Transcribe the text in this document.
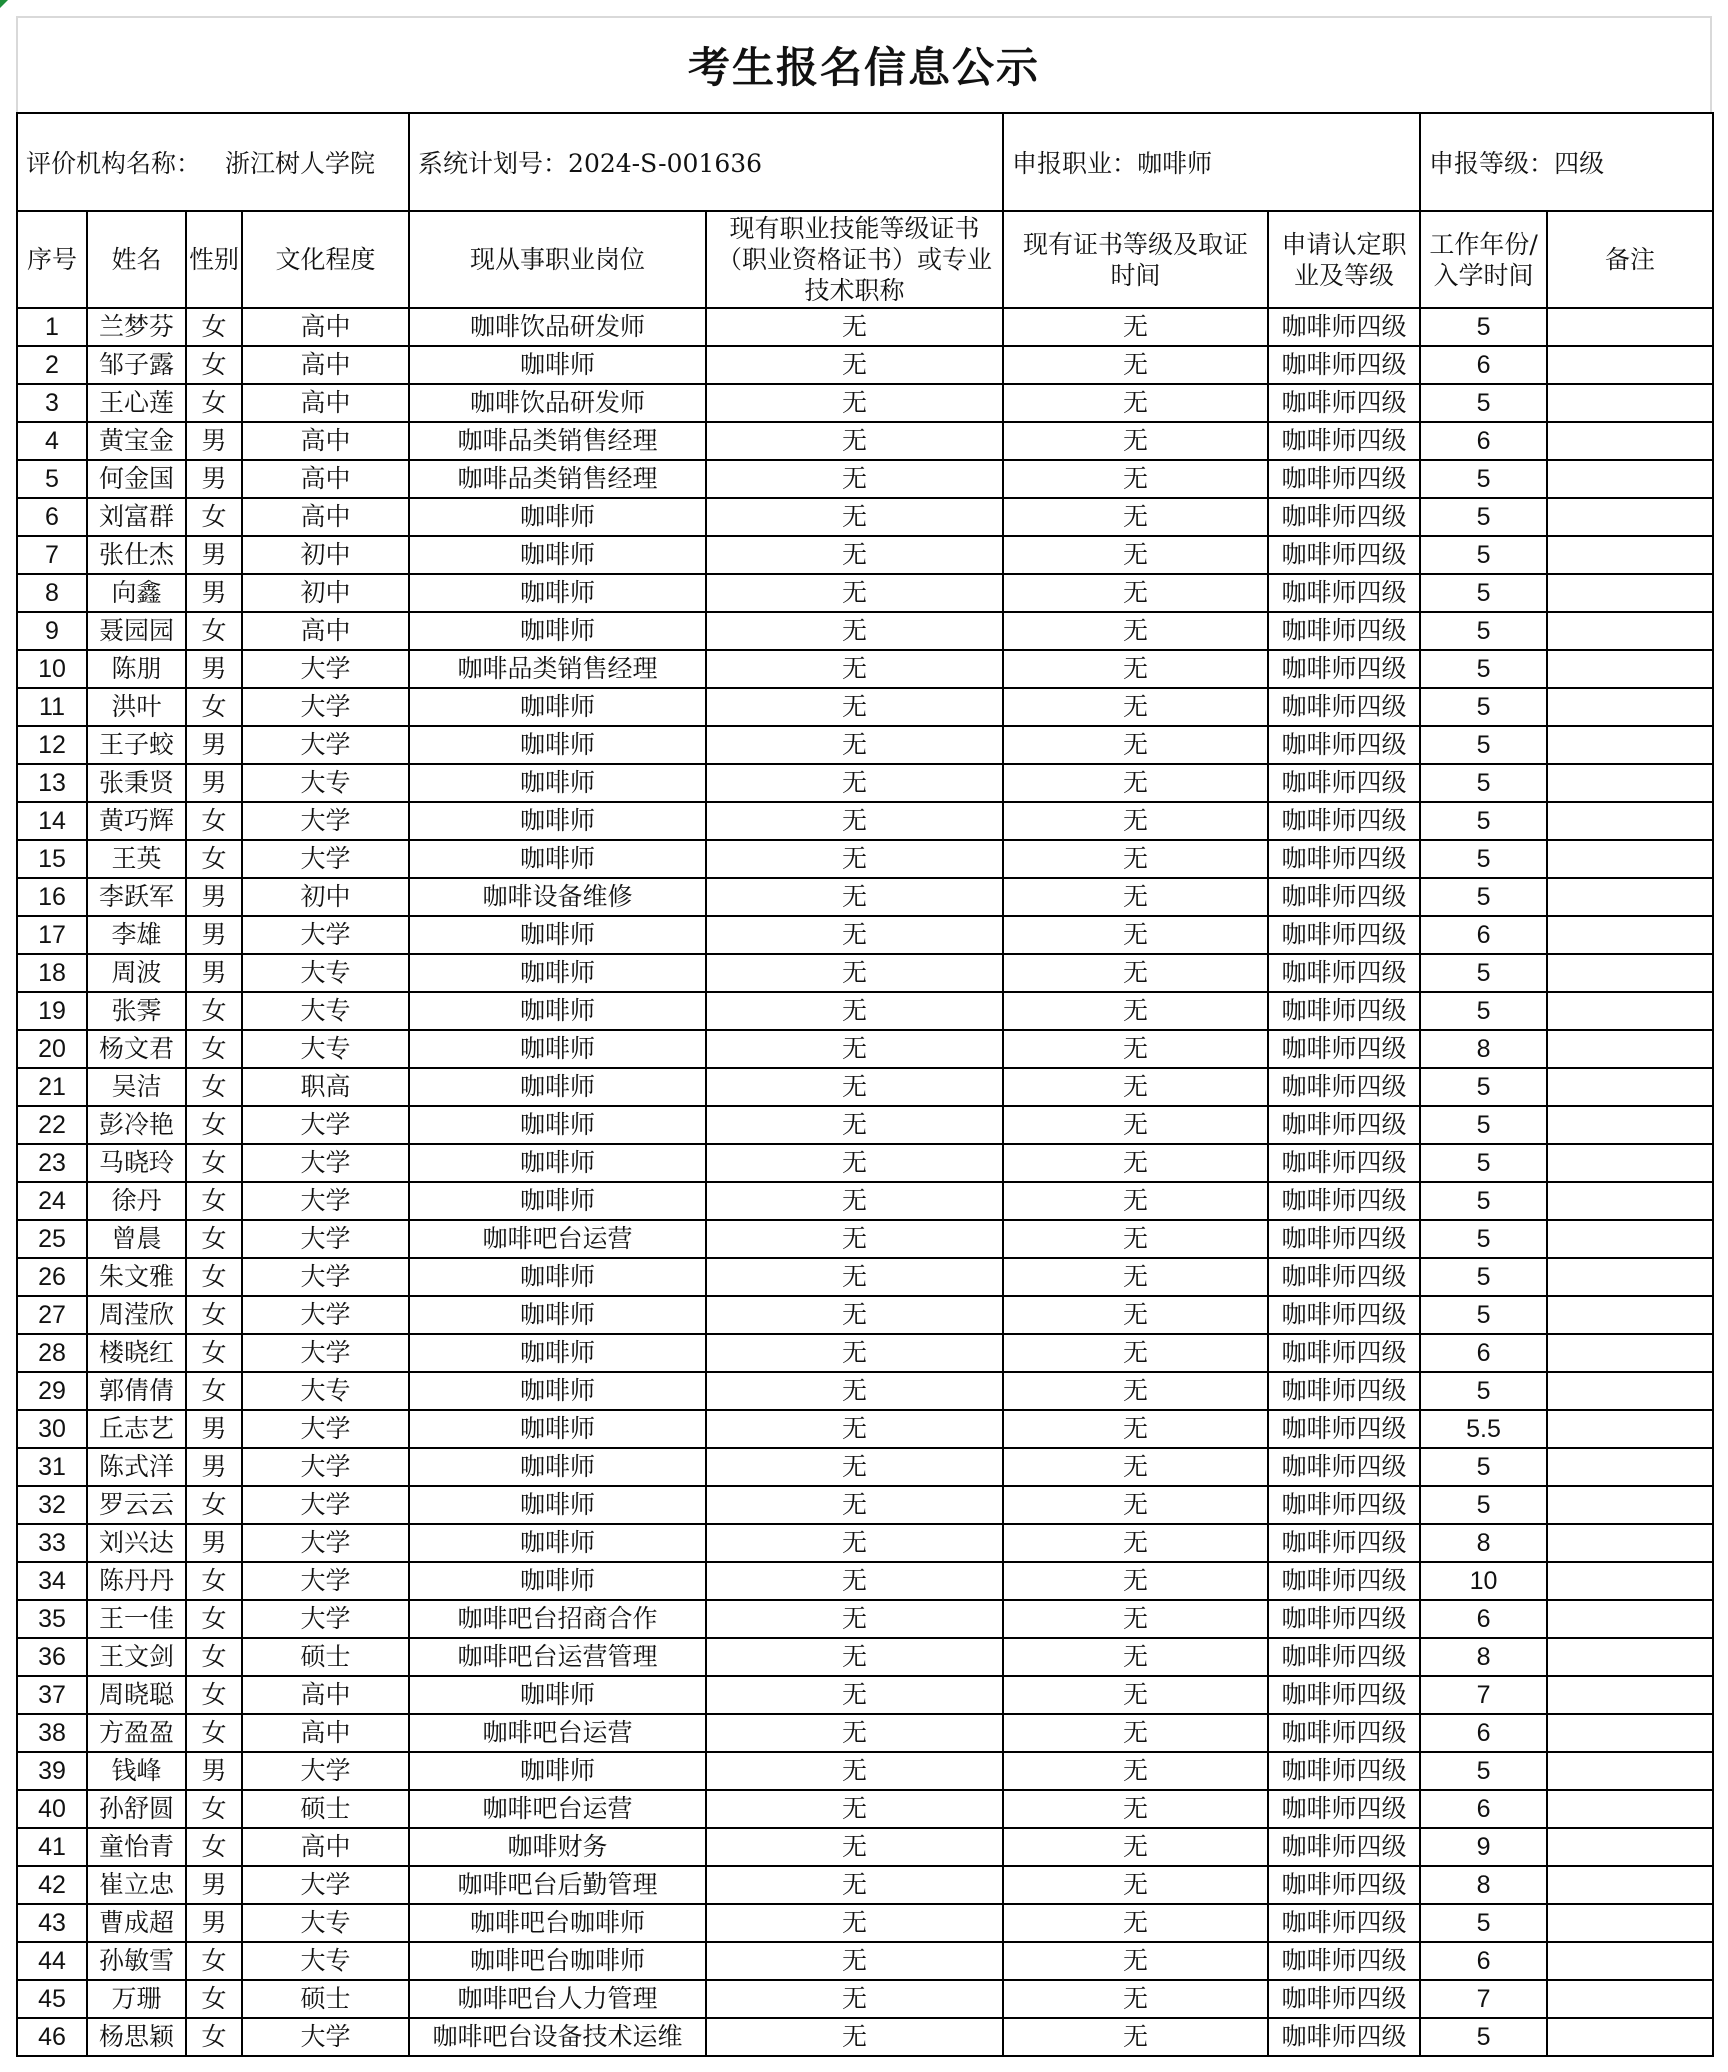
考生报名信息公示
评价机构名称： 浙江树人学院				系统计划号：2024-S-001636		申报职业：咖啡师		申报等级：四级	
序号	姓名	性别	文化程度	现从事职业岗位	现有职业技能等级证书（职业资格证书）或专业技术职称	现有证书等级及取证时间	申请认定职业及等级	工作年份/入学时间	备注
1	兰梦芬	女	高中	咖啡饮品研发师	无	无	咖啡师四级	5	
2	邹子露	女	高中	咖啡师	无	无	咖啡师四级	6	
3	王心莲	女	高中	咖啡饮品研发师	无	无	咖啡师四级	5	
4	黄宝金	男	高中	咖啡品类销售经理	无	无	咖啡师四级	6	
5	何金国	男	高中	咖啡品类销售经理	无	无	咖啡师四级	5	
6	刘富群	女	高中	咖啡师	无	无	咖啡师四级	5	
7	张仕杰	男	初中	咖啡师	无	无	咖啡师四级	5	
8	向鑫	男	初中	咖啡师	无	无	咖啡师四级	5	
9	聂园园	女	高中	咖啡师	无	无	咖啡师四级	5	
10	陈朋	男	大学	咖啡品类销售经理	无	无	咖啡师四级	5	
11	洪叶	女	大学	咖啡师	无	无	咖啡师四级	5	
12	王子蛟	男	大学	咖啡师	无	无	咖啡师四级	5	
13	张秉贤	男	大专	咖啡师	无	无	咖啡师四级	5	
14	黄巧辉	女	大学	咖啡师	无	无	咖啡师四级	5	
15	王英	女	大学	咖啡师	无	无	咖啡师四级	5	
16	李跃军	男	初中	咖啡设备维修	无	无	咖啡师四级	5	
17	李雄	男	大学	咖啡师	无	无	咖啡师四级	6	
18	周波	男	大专	咖啡师	无	无	咖啡师四级	5	
19	张霁	女	大专	咖啡师	无	无	咖啡师四级	5	
20	杨文君	女	大专	咖啡师	无	无	咖啡师四级	8	
21	吴洁	女	职高	咖啡师	无	无	咖啡师四级	5	
22	彭冷艳	女	大学	咖啡师	无	无	咖啡师四级	5	
23	马晓玲	女	大学	咖啡师	无	无	咖啡师四级	5	
24	徐丹	女	大学	咖啡师	无	无	咖啡师四级	5	
25	曾晨	女	大学	咖啡吧台运营	无	无	咖啡师四级	5	
26	朱文雅	女	大学	咖啡师	无	无	咖啡师四级	5	
27	周滢欣	女	大学	咖啡师	无	无	咖啡师四级	5	
28	楼晓红	女	大学	咖啡师	无	无	咖啡师四级	6	
29	郭倩倩	女	大专	咖啡师	无	无	咖啡师四级	5	
30	丘志艺	男	大学	咖啡师	无	无	咖啡师四级	5.5	
31	陈式洋	男	大学	咖啡师	无	无	咖啡师四级	5	
32	罗云云	女	大学	咖啡师	无	无	咖啡师四级	5	
33	刘兴达	男	大学	咖啡师	无	无	咖啡师四级	8	
34	陈丹丹	女	大学	咖啡师	无	无	咖啡师四级	10	
35	王一佳	女	大学	咖啡吧台招商合作	无	无	咖啡师四级	6	
36	王文剑	女	硕士	咖啡吧台运营管理	无	无	咖啡师四级	8	
37	周晓聪	女	高中	咖啡师	无	无	咖啡师四级	7	
38	方盈盈	女	高中	咖啡吧台运营	无	无	咖啡师四级	6	
39	钱峰	男	大学	咖啡师	无	无	咖啡师四级	5	
40	孙舒圆	女	硕士	咖啡吧台运营	无	无	咖啡师四级	6	
41	童怡青	女	高中	咖啡财务	无	无	咖啡师四级	9	
42	崔立忠	男	大学	咖啡吧台后勤管理	无	无	咖啡师四级	8	
43	曹成超	男	大专	咖啡吧台咖啡师	无	无	咖啡师四级	5	
44	孙敏雪	女	大专	咖啡吧台咖啡师	无	无	咖啡师四级	6	
45	万珊	女	硕士	咖啡吧台人力管理	无	无	咖啡师四级	7	
46	杨思颖	女	大学	咖啡吧台设备技术运维	无	无	咖啡师四级	5	
